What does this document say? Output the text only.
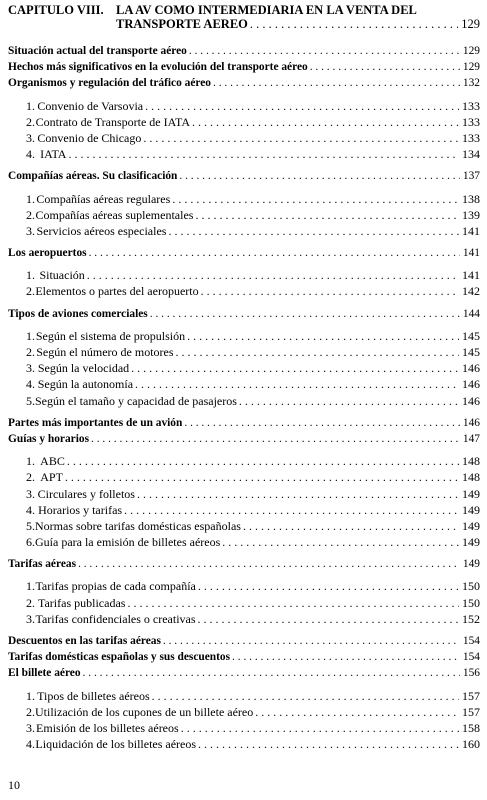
CAPITULO VIII. LA AV COMO INTERMEDIARIA EN LA VENTA DEL
TRANSPORTE AEREO . . .	129
Situación actual del transporte aéreo . . .	129
Hechos más significativos en la evolución del transporte aéreo . . .	129
Organismos y regulación del tráfico aéreo . . .	132
1. Convenio de Varsovia . . .	133
2. Contrato de Transporte de IATA . . .	133
3. Convenio de Chicago . . .	133
4. IATA . . .	134
Compañías aéreas. Su clasificación . . .	137
1. Compañías aéreas regulares . . .	138
2. Compañías aéreas suplementales . . .	139
3. Servicios aéreos especiales . . .	141
Los aeropuertos . . .	141
1. Situación . . .	141
2. Elementos o partes del aeropuerto . . .	142
Tipos de aviones comerciales . . .	144
1. Según el sistema de propulsión . . .	145
2. Según el número de motores . . .	145
3. Según la velocidad . . .	146
4. Según la autonomía . . .	146
5. Según el tamaño y capacidad de pasajeros . . .	146
Partes más importantes de un avión . . .	146
Guías y horarios . . .	147
1. ABC . . .	148
2. APT . . .	148
3. Circulares y folletos . . .	149
4. Horarios y tarifas . . .	149
5. Normas sobre tarifas domésticas españolas . . .	149
6. Guía para la emisión de billetes aéreos . . .	149
Tarifas aéreas . . .	149
1. Tarifas propias de cada compañía . . .	150
2. Tarifas publicadas . . .	150
3. Tarifas confidenciales o creativas . . .	152
Descuentos en las tarifas aéreas . . .	154
Tarifas domésticas españolas y sus descuentos . . .	154
El billete aéreo . . .	156
1. Tipos de billetes aéreos . . .	157
2. Utilización de los cupones de un billete aéreo . . .	157
3. Emisión de los billetes aéreos . . .	158
4. Liquidación de los billetes aéreos . . .	160
10
